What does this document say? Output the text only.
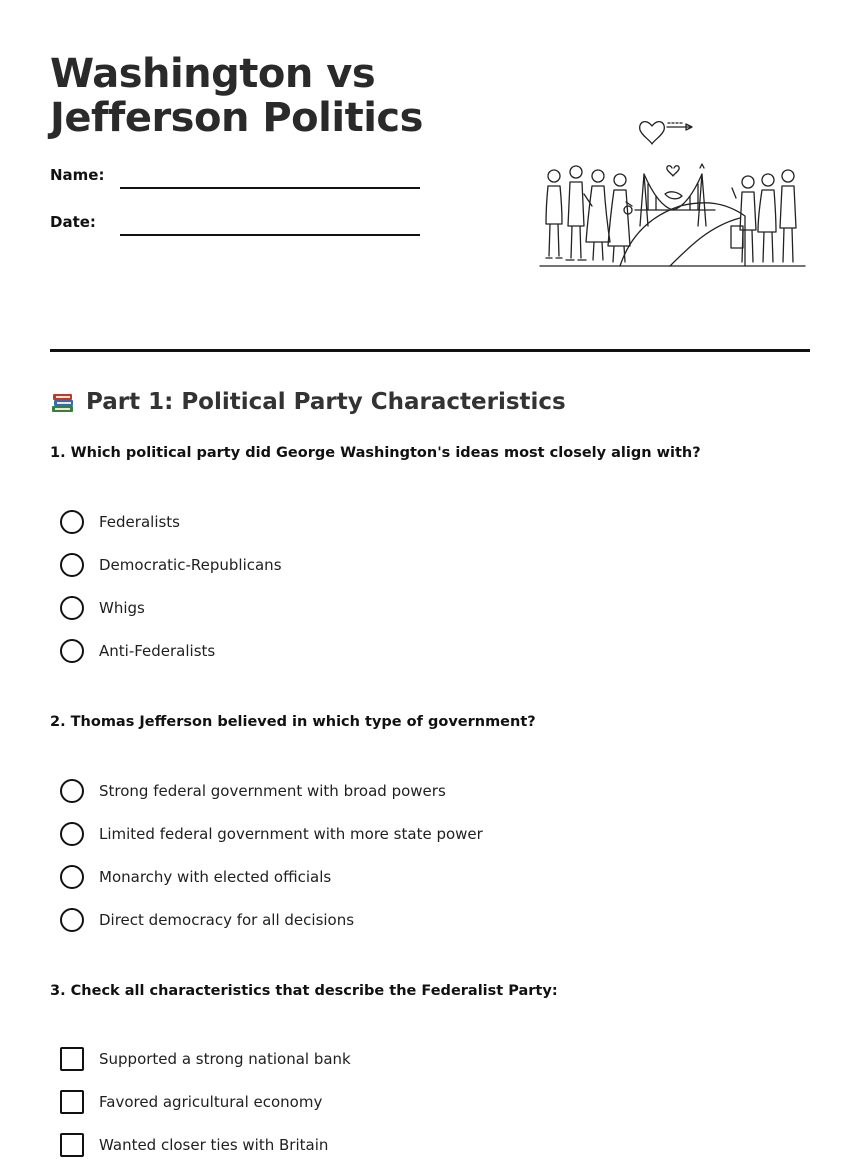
Washington vs
Jefferson Politics
Name:
Date:
Part 1: Political Party Characteristics
1. Which political party did George Washington's ideas most closely align with?
Federalists
Democratic-Republicans
Whigs
Anti-Federalists
2. Thomas Jefferson believed in which type of government?
Strong federal government with broad powers
Limited federal government with more state power
Monarchy with elected officials
Direct democracy for all decisions
3. Check all characteristics that describe the Federalist Party:
Supported a strong national bank
Favored agricultural economy
Wanted closer ties with Britain
